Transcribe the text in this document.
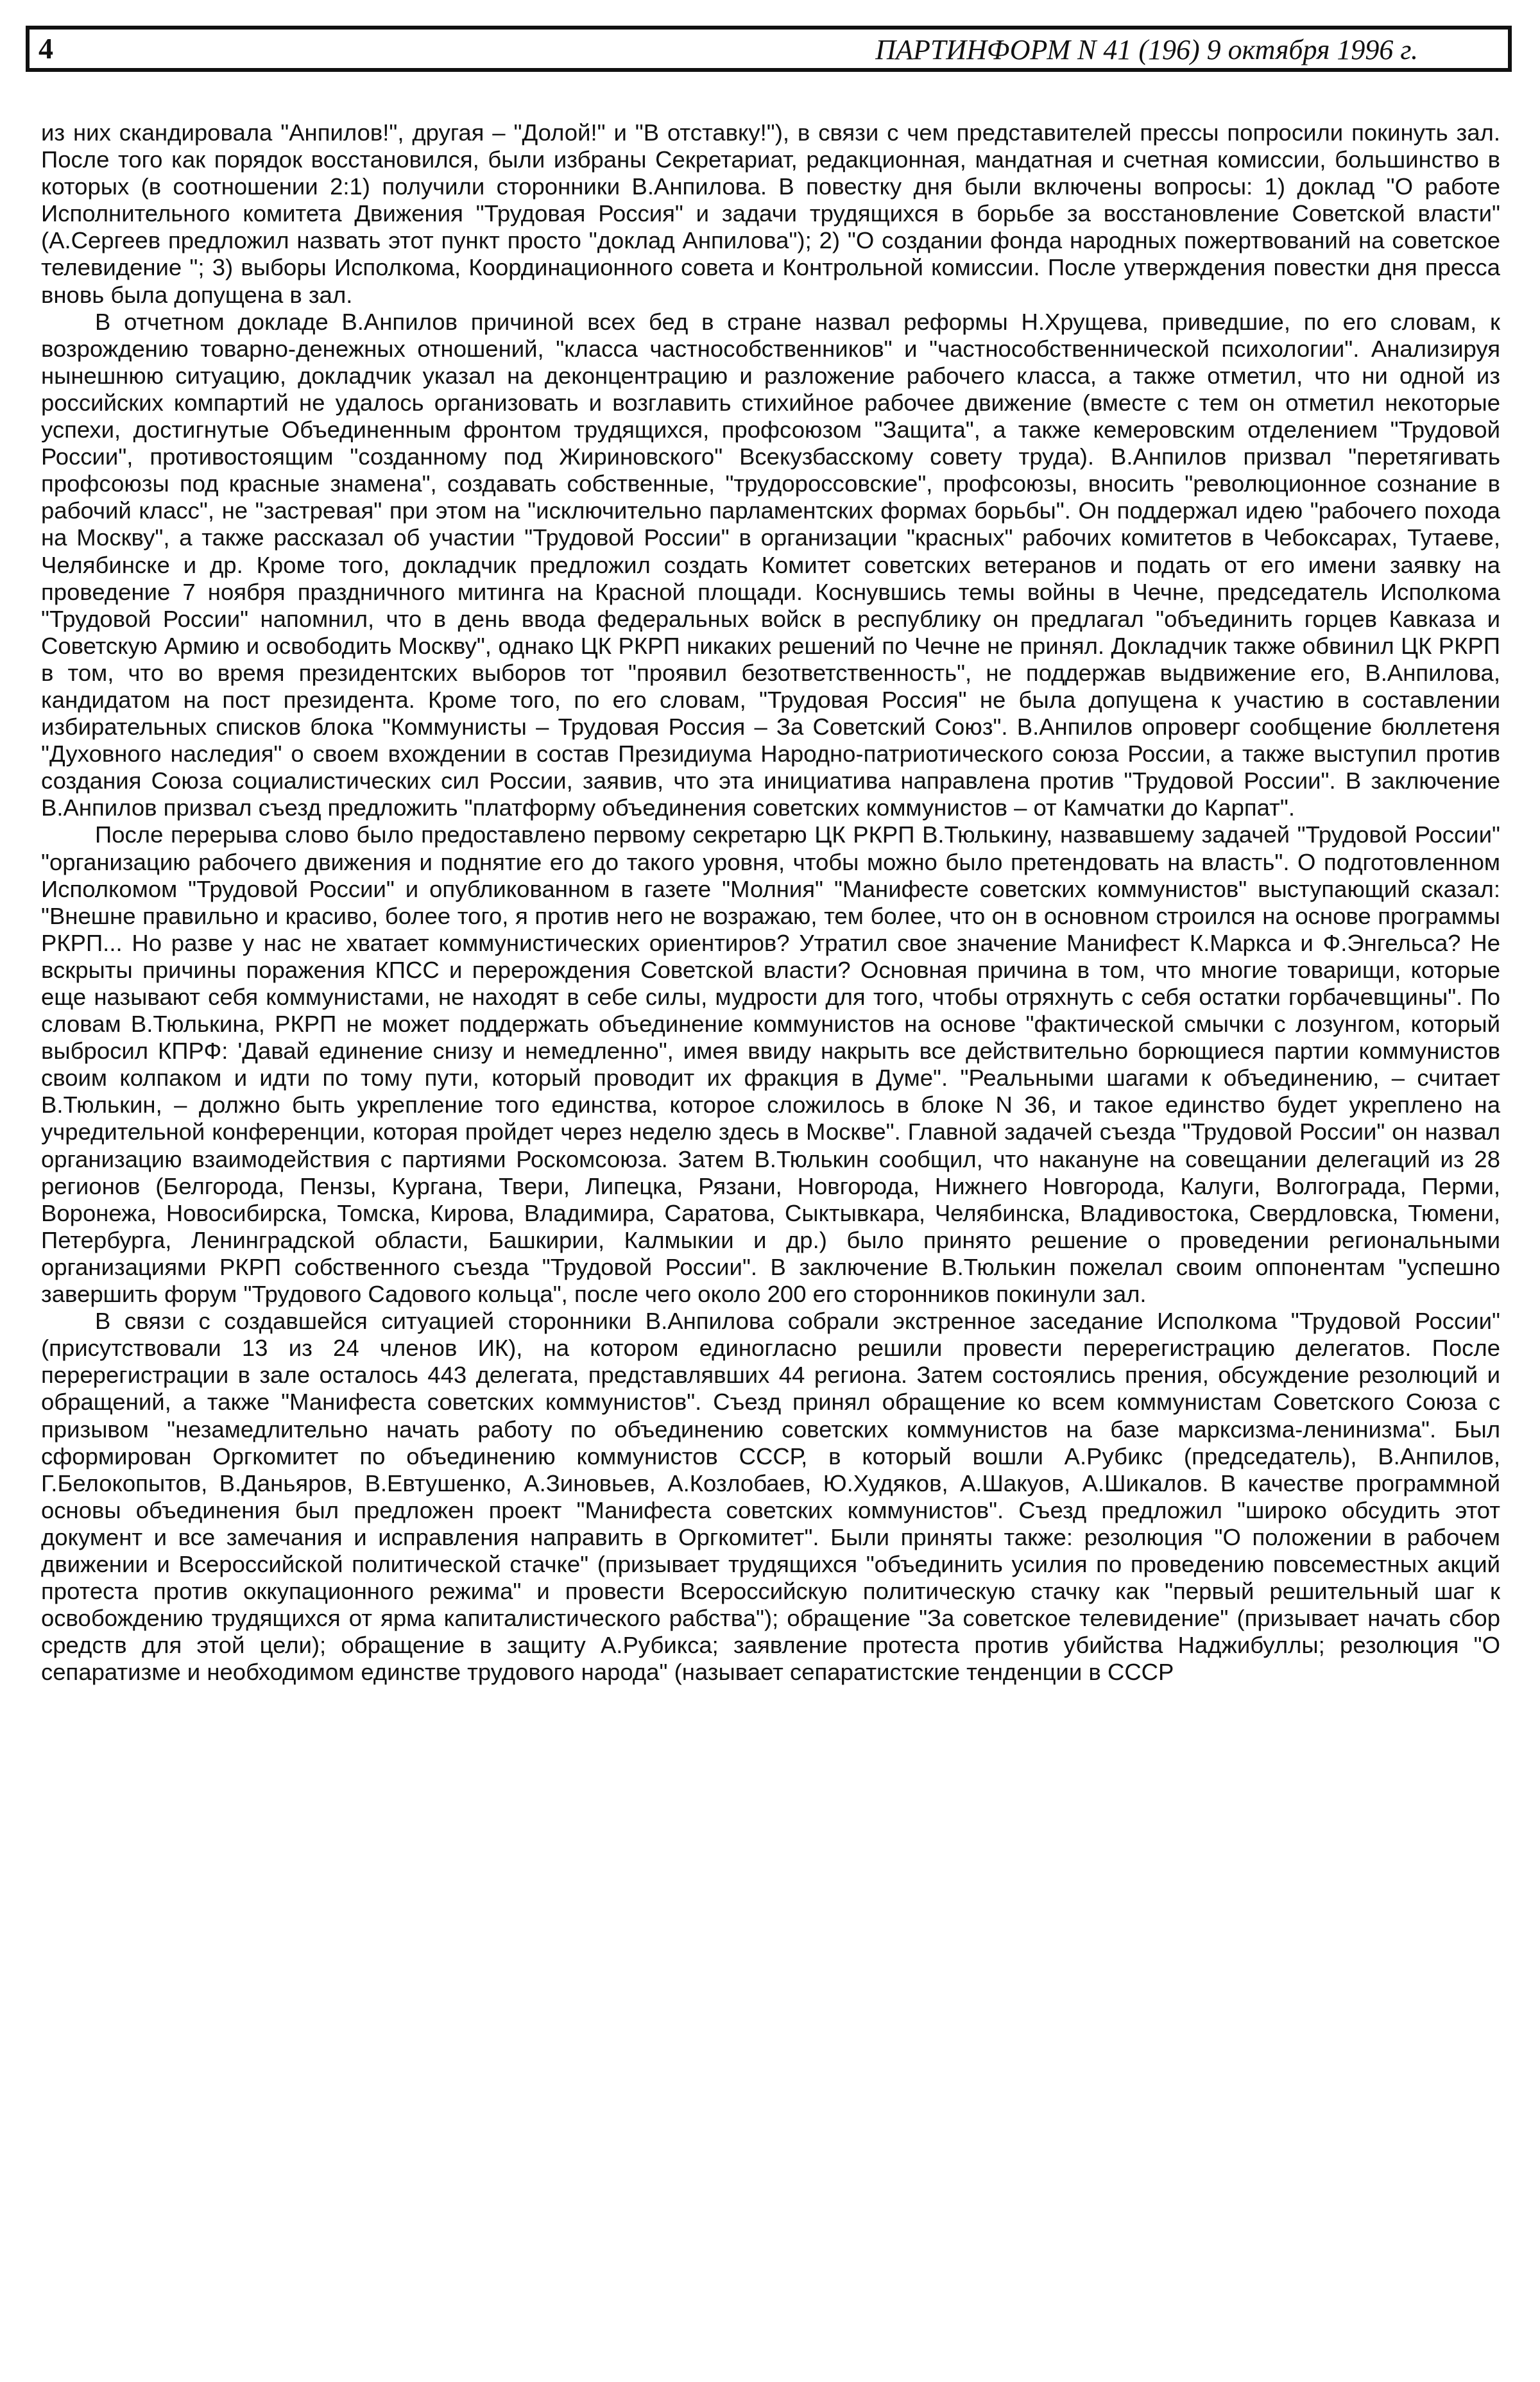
4	ПАРТИНФОРМ N 41 (196) 9 октября 1996 г.

из них скандировала "Анпилов!", другая – "Долой!" и "В отставку!"), в связи с чем представителей прессы попросили покинуть зал. После того как порядок восстановился, были избраны Секретариат, редакционная, мандатная и счетная комиссии, большинство в которых (в соотношении 2:1) получили сторонники В.Анпилова. В повестку дня были включены вопросы: 1) доклад "О работе Исполнительного комитета Движения "Трудовая Россия" и задачи трудящихся в борьбе за восстановление Советской власти" (А.Сергеев предложил назвать этот пункт просто "доклад Анпилова"); 2) "О создании фонда народных пожертвований на советское телевидение "; 3) выборы Исполкома, Координационного совета и Контрольной комиссии. После утверждения повестки дня пресса вновь была допущена в зал.

В отчетном докладе В.Анпилов причиной всех бед в стране назвал реформы Н.Хрущева, приведшие, по его словам, к возрождению товарно-денежных отношений, "класса частнособственников" и "частнособственнической психологии". Анализируя нынешнюю ситуацию, докладчик указал на деконцентрацию и разложение рабочего класса, а также отметил, что ни одной из российских компартий не удалось организовать и возглавить стихийное рабочее движение (вместе с тем он отметил некоторые успехи, достигнутые Объединенным фронтом трудящихся, профсоюзом "Защита", а также кемеровским отделением "Трудовой России", противостоящим "созданному под Жириновского" Всекузбасскому совету труда). В.Анпилов призвал "перетягивать профсоюзы под красные знамена", создавать собственные, "трудороссовские", профсоюзы, вносить "революционное сознание в рабочий класс", не "застревая" при этом на "исключительно парламентских формах борьбы". Он поддержал идею "рабочего похода на Москву", а также рассказал об участии "Трудовой России" в организации "красных" рабочих комитетов в Чебоксарах, Тутаеве, Челябинске и др. Кроме того, докладчик предложил создать Комитет советских ветеранов и подать от его имени заявку на проведение 7 ноября праздничного митинга на Красной площади. Коснувшись темы войны в Чечне, председатель Исполкома "Трудовой России" напомнил, что в день ввода федеральных войск в республику он предлагал "объединить горцев Кавказа и Советскую Армию и освободить Москву", однако ЦК РКРП никаких решений по Чечне не принял. Докладчик также обвинил ЦК РКРП в том, что во время президентских выборов тот "проявил безответственность", не поддержав выдвижение его, В.Анпилова, кандидатом на пост президента. Кроме того, по его словам, "Трудовая Россия" не была допущена к участию в составлении избирательных списков блока "Коммунисты – Трудовая Россия – За Советский Союз". В.Анпилов опроверг сообщение бюллетеня "Духовного наследия" о своем вхождении в состав Президиума Народно-патриотического союза России, а также выступил против создания Союза социалистических сил России, заявив, что эта инициатива направлена против "Трудовой России". В заключение В.Анпилов призвал съезд предложить "платформу объединения советских коммунистов – от Камчатки до Карпат".

После перерыва слово было предоставлено первому секретарю ЦК РКРП В.Тюлькину, назвавшему задачей "Трудовой России" "организацию рабочего движения и поднятие его до такого уровня, чтобы можно было претендовать на власть". О подготовленном Исполкомом "Трудовой России" и опубликованном в газете "Молния" "Манифесте советских коммунистов" выступающий сказал: "Внешне правильно и красиво, более того, я против него не возражаю, тем более, что он в основном строился на основе программы РКРП... Но разве у нас не хватает коммунистических ориентиров? Утратил свое значение Манифест К.Маркса и Ф.Энгельса? Не вскрыты причины поражения КПСС и перерождения Советской власти? Основная причина в том, что многие товарищи, которые еще называют себя коммунистами, не находят в себе силы, мудрости для того, чтобы отряхнуть с себя остатки горбачевщины". По словам В.Тюлькина, РКРП не может поддержать объединение коммунистов на основе "фактической смычки с лозунгом, который выбросил КПРФ: 'Давай единение снизу и немедленно", имея ввиду накрыть все действительно борющиеся партии коммунистов своим колпаком и идти по тому пути, который проводит их фракция в Думе". "Реальными шагами к объединению, – считает В.Тюлькин, – должно быть укрепление того единства, которое сложилось в блоке N 36, и такое единство будет укреплено на учредительной конференции, которая пройдет через неделю здесь в Москве". Главной задачей съезда "Трудовой России" он назвал организацию взаимодействия с партиями Роскомсоюза. Затем В.Тюлькин сообщил, что накануне на совещании делегаций из 28 регионов (Белгорода, Пензы, Кургана, Твери, Липецка, Рязани, Новгорода, Нижнего Новгорода, Калуги, Волгограда, Перми, Воронежа, Новосибирска, Томска, Кирова, Владимира, Саратова, Сыктывкара, Челябинска, Владивостока, Свердловска, Тюмени, Петербурга, Ленинградской области, Башкирии, Калмыкии и др.) было принято решение о проведении региональными организациями РКРП собственного съезда "Трудовой России". В заключение В.Тюлькин пожелал своим оппонентам "успешно завершить форум "Трудового Садового кольца", после чего около 200 его сторонников покинули зал.

В связи с создавшейся ситуацией сторонники В.Анпилова собрали экстренное заседание Исполкома "Трудовой России" (присутствовали 13 из 24 членов ИК), на котором единогласно решили провести перерегистрацию делегатов. После перерегистрации в зале осталось 443 делегата, представлявших 44 региона. Затем состоялись прения, обсуждение резолюций и обращений, а также "Манифеста советских коммунистов". Съезд принял обращение ко всем коммунистам Советского Союза с призывом "незамедлительно начать работу по объединению советских коммунистов на базе марксизма-ленинизма". Был сформирован Оргкомитет по объединению коммунистов СССР, в который вошли А.Рубикс (председатель), В.Анпилов, Г.Белокопытов, В.Даньяров, В.Евтушенко, А.Зиновьев, А.Козлобаев, Ю.Худяков, А.Шакуов, А.Шикалов. В качестве программной основы объединения был предложен проект "Манифеста советских коммунистов". Съезд предложил "широко обсудить этот документ и все замечания и исправления направить в Оргкомитет". Были приняты также: резолюция "О положении в рабочем движении и Всероссийской политической стачке" (призывает трудящихся "объединить усилия по проведению повсеместных акций протеста против оккупационного режима" и провести Всероссийскую политическую стачку как "первый решительный шаг к освобождению трудящихся от ярма капиталистического рабства"); обращение "За советское телевидение" (призывает начать сбор средств для этой цели); обращение в защиту А.Рубикса; заявление протеста против убийства Наджибуллы; резолюция "О сепаратизме и необходимом единстве трудового народа" (называет сепаратистские тенденции в СССР
